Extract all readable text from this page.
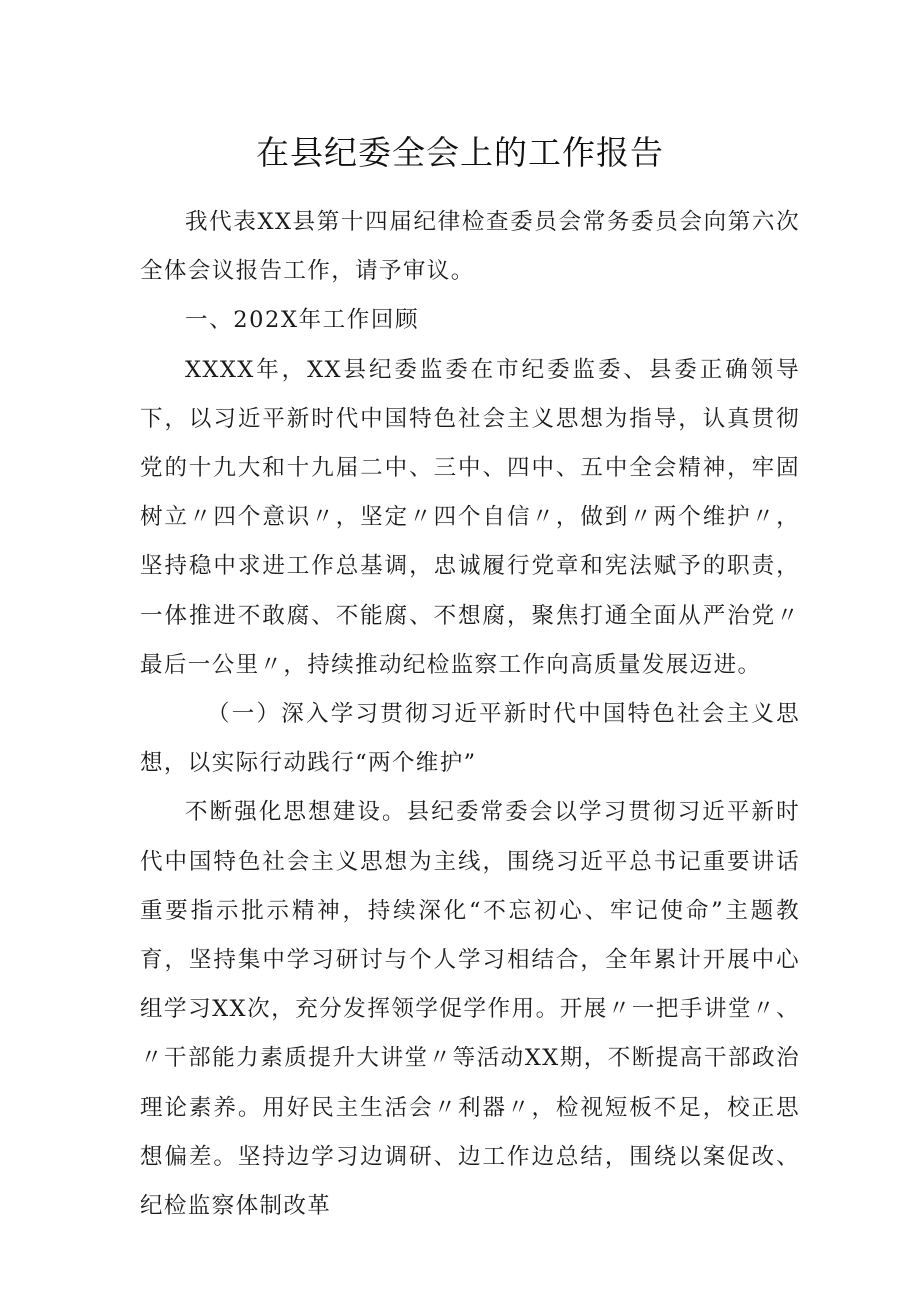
在县纪委全会上的工作报告

我代表XX县第十四届纪律检查委员会常务委员会向第六次全体会议报告工作，请予审议。

一、202X年工作回顾

XXXX年，XX县纪委监委在市纪委监委、县委正确领导下，以习近平新时代中国特色社会主义思想为指导，认真贯彻党的十九大和十九届二中、三中、四中、五中全会精神，牢固树立〃四个意识〃，坚定〃四个自信〃，做到〃两个维护〃，坚持稳中求进工作总基调，忠诚履行党章和宪法赋予的职责，一体推进不敢腐、不能腐、不想腐，聚焦打通全面从严治党〃最后一公里〃，持续推动纪检监察工作向高质量发展迈进。

（一）深入学习贯彻习近平新时代中国特色社会主义思想，以实际行动践行“两个维护”

不断强化思想建设。县纪委常委会以学习贯彻习近平新时代中国特色社会主义思想为主线，围绕习近平总书记重要讲话重要指示批示精神，持续深化“不忘初心、牢记使命”主题教育，坚持集中学习研讨与个人学习相结合，全年累计开展中心组学习XX次，充分发挥领学促学作用。开展〃一把手讲堂〃、〃干部能力素质提升大讲堂〃等活动XX期，不断提高干部政治理论素养。用好民主生活会〃利器〃，检视短板不足，校正思想偏差。坚持边学习边调研、边工作边总结，围绕以案促改、纪检监察体制改革
